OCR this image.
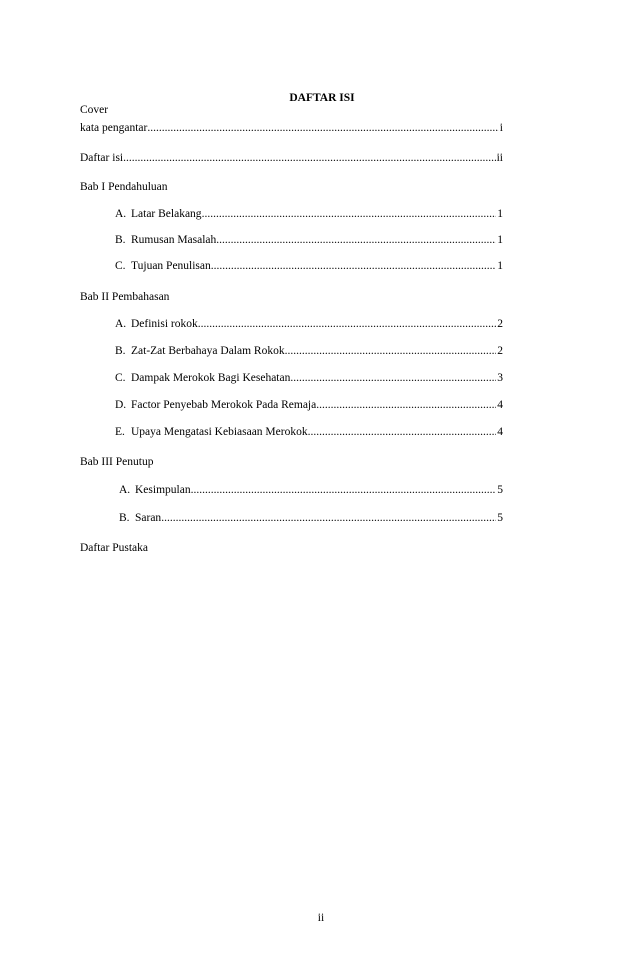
DAFTAR ISI
Cover
kata pengantar .....	i
Daftar isi .....	ii
Bab I Pendahuluan
A. Latar Belakang .....	1
B. Rumusan Masalah .....	1
C. Tujuan Penulisan .....	1
Bab II Pembahasan
A. Definisi rokok .....	2
B. Zat-Zat Berbahaya Dalam Rokok .....	2
C. Dampak Merokok Bagi Kesehatan .....	3
D. Factor Penyebab Merokok Pada Remaja .....	4
E. Upaya Mengatasi Kebiasaan Merokok .....	4
Bab III Penutup
A. Kesimpulan .....	5
B. Saran .....	5
Daftar Pustaka
ii
